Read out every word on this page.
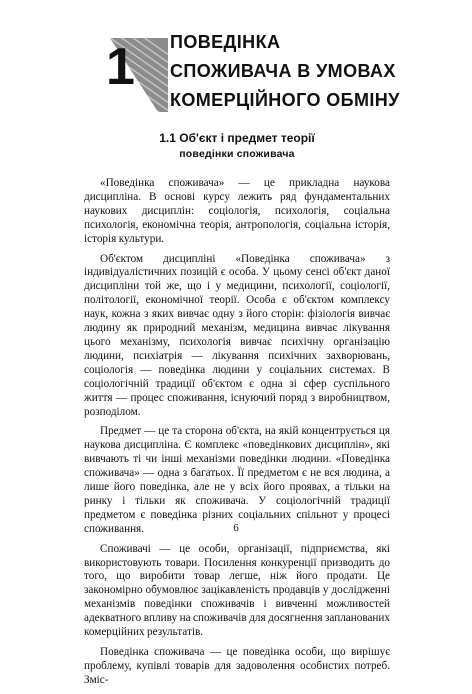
1 ПОВЕДІНКА
СПОЖИВАЧА В УМОВАХ
КОМЕРЦІЙНОГО ОБМІНУ
1.1 Об'єкт і предмет теорії
поведінки споживача

«Поведінка споживача» — це прикладна наукова дисципліна. В основі курсу лежить ряд фундаментальних наукових дисциплін: соціологія, психологія, соціальна психологія, економічна теорія, антропологія, соціальна історія, історія культури.

Об'єктом дисципліні «Поведінка споживача» з індивідуалістичних позицій є особа. У цьому сенсі об'єкт даної дисципліни той же, що і у медицини, психології, соціології, політології, економічної теорії. Особа є об'єктом комплексу наук, кожна з яких вивчає одну з його сторін: фізіологія вивчає людину як природний механізм, медицина вивчає лікування цього механізму, психологія вивчає психічну організацію людини, психіатрія — лікування психічних захворювань, соціологія — поведінка людини у соціальних системах. В соціологічній традиції об'єктом є одна зі сфер суспільного життя — процес споживання, існуючий поряд з виробництвом, розподілом.

Предмет — це та сторона об'єкта, на якій концентрується ця наукова дисципліна. Є комплекс «поведінкових дисциплін», які вивчають ті чи інші механізми поведінки людини. «Поведінка споживача» — одна з багатьох. Її предметом є не вся людина, а лише його поведінка, але не у всіх його проявах, а тільки на ринку і тільки як споживача. У соціологічній традиції предметом є поведінка різних соціальних спільнот у процесі споживання.

Споживачі — це особи, організації, підприємства, які використовують товари. Посилення конкуренції призводить до того, що виробити товар легше, ніж його продати. Це закономірно обумовлює зацікавленість продавців у дослідженні механізмів поведінки споживачів і вивченні можливостей адекватного впливу на споживачів для досягнення запланованих комерційних результатів.

Поведінка споживача — це поведінка особи, що вирішує проблему, купівлі товарів для задоволення особистих потреб. Зміс-

6
